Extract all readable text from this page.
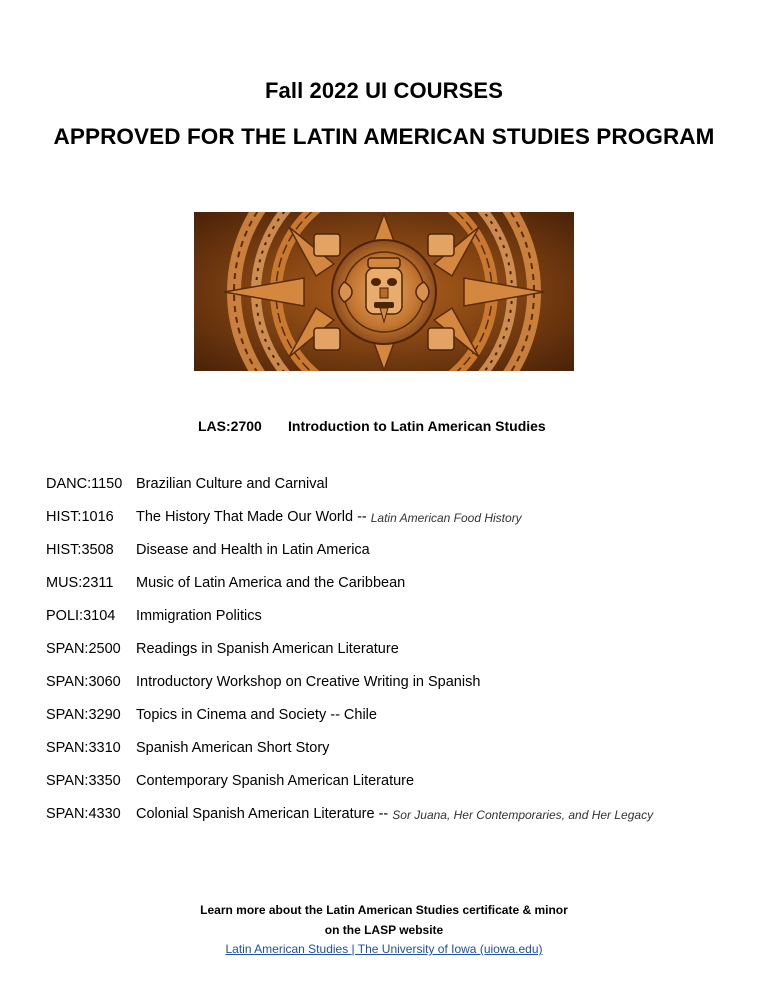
Fall 2022 UI COURSES
APPROVED FOR THE LATIN AMERICAN STUDIES PROGRAM
LAS:2700 Introduction to Latin American Studies
DANC:1150 Brazilian Culture and Carnival
HIST:1016	The History That Made Our World -- Latin American Food History
HIST:3508	Disease and Health in Latin America
MUS:2311	Music of Latin America and the Caribbean
POLI:3104	Immigration Politics
SPAN:2500	Readings in Spanish American Literature
SPAN:3060	Introductory Workshop on Creative Writing in Spanish
SPAN:3290	Topics in Cinema and Society -- Chile
SPAN:3310	Spanish American Short Story
SPAN:3350	Contemporary Spanish American Literature
SPAN:4330	Colonial Spanish American Literature -- Sor Juana, Her Contemporaries, and Her Legacy
Learn more about the Latin American Studies certificate & minor
on the LASP website
Latin American Studies | The University of Iowa (uiowa.edu)
